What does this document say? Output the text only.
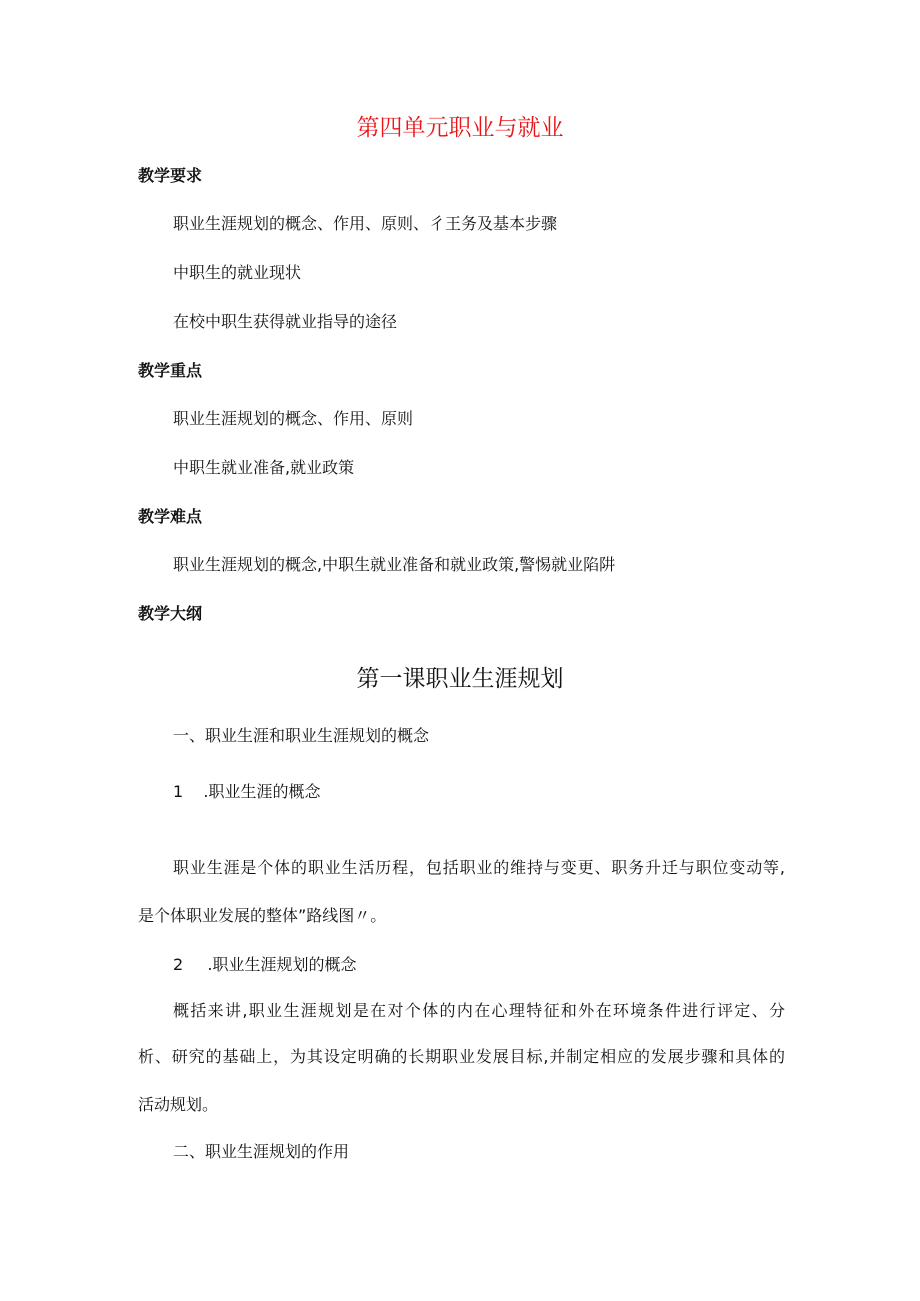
第四单元职业与就业
教学要求
职业生涯规划的概念、作用、原则、彳王务及基本步骤
中职生的就业现状
在校中职生获得就业指导的途径
教学重点
职业生涯规划的概念、作用、原则
中职生就业准备,就业政策
教学难点
职业生涯规划的概念,中职生就业准备和就业政策,警惕就业陷阱
教学大纲
第一课职业生涯规划
一、职业生涯和职业生涯规划的概念
1 .职业生涯的概念
职业生涯是个体的职业生活历程，包括职业的维持与变更、职务升迁与职位变动等,
是个体职业发展的整体”路线图〃。
2 .职业生涯规划的概念
概括来讲,职业生涯规划是在对个体的内在心理特征和外在环境条件进行评定、分
析、研究的基础上，为其设定明确的长期职业发展目标,并制定相应的发展步骤和具体的
活动规划。
二、职业生涯规划的作用
